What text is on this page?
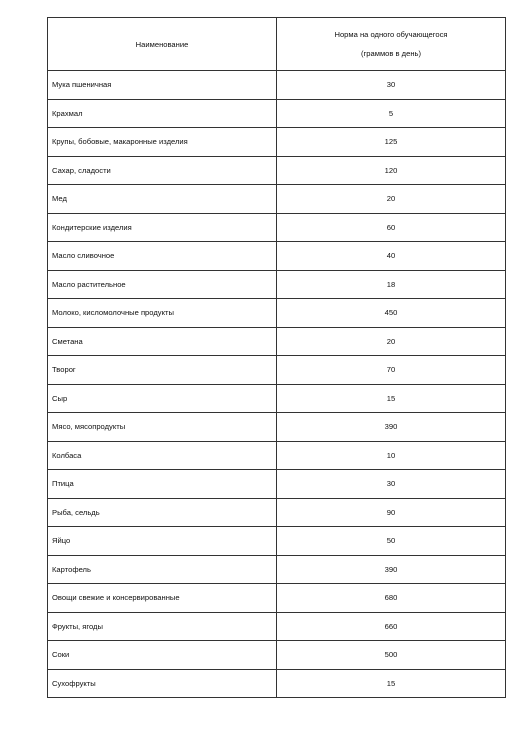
Наименование	Норма на одного обучающегося
(граммов в день)

Мука пшеничная	30
Крахмал	5
Крупы, бобовые, макаронные изделия	125
Сахар, сладости	120
Мед	20
Кондитерские изделия	60
Масло сливочное	40
Масло растительное	18
Молоко, кисломолочные продукты	450
Сметана	20
Творог	70
Сыр	15
Мясо, мясопродукты	390
Колбаса	10
Птица	30
Рыба, сельдь	90
Яйцо	50
Картофель	390
Овощи свежие и консервированные	680
Фрукты, ягоды	660
Соки	500
Сухофрукты	15
